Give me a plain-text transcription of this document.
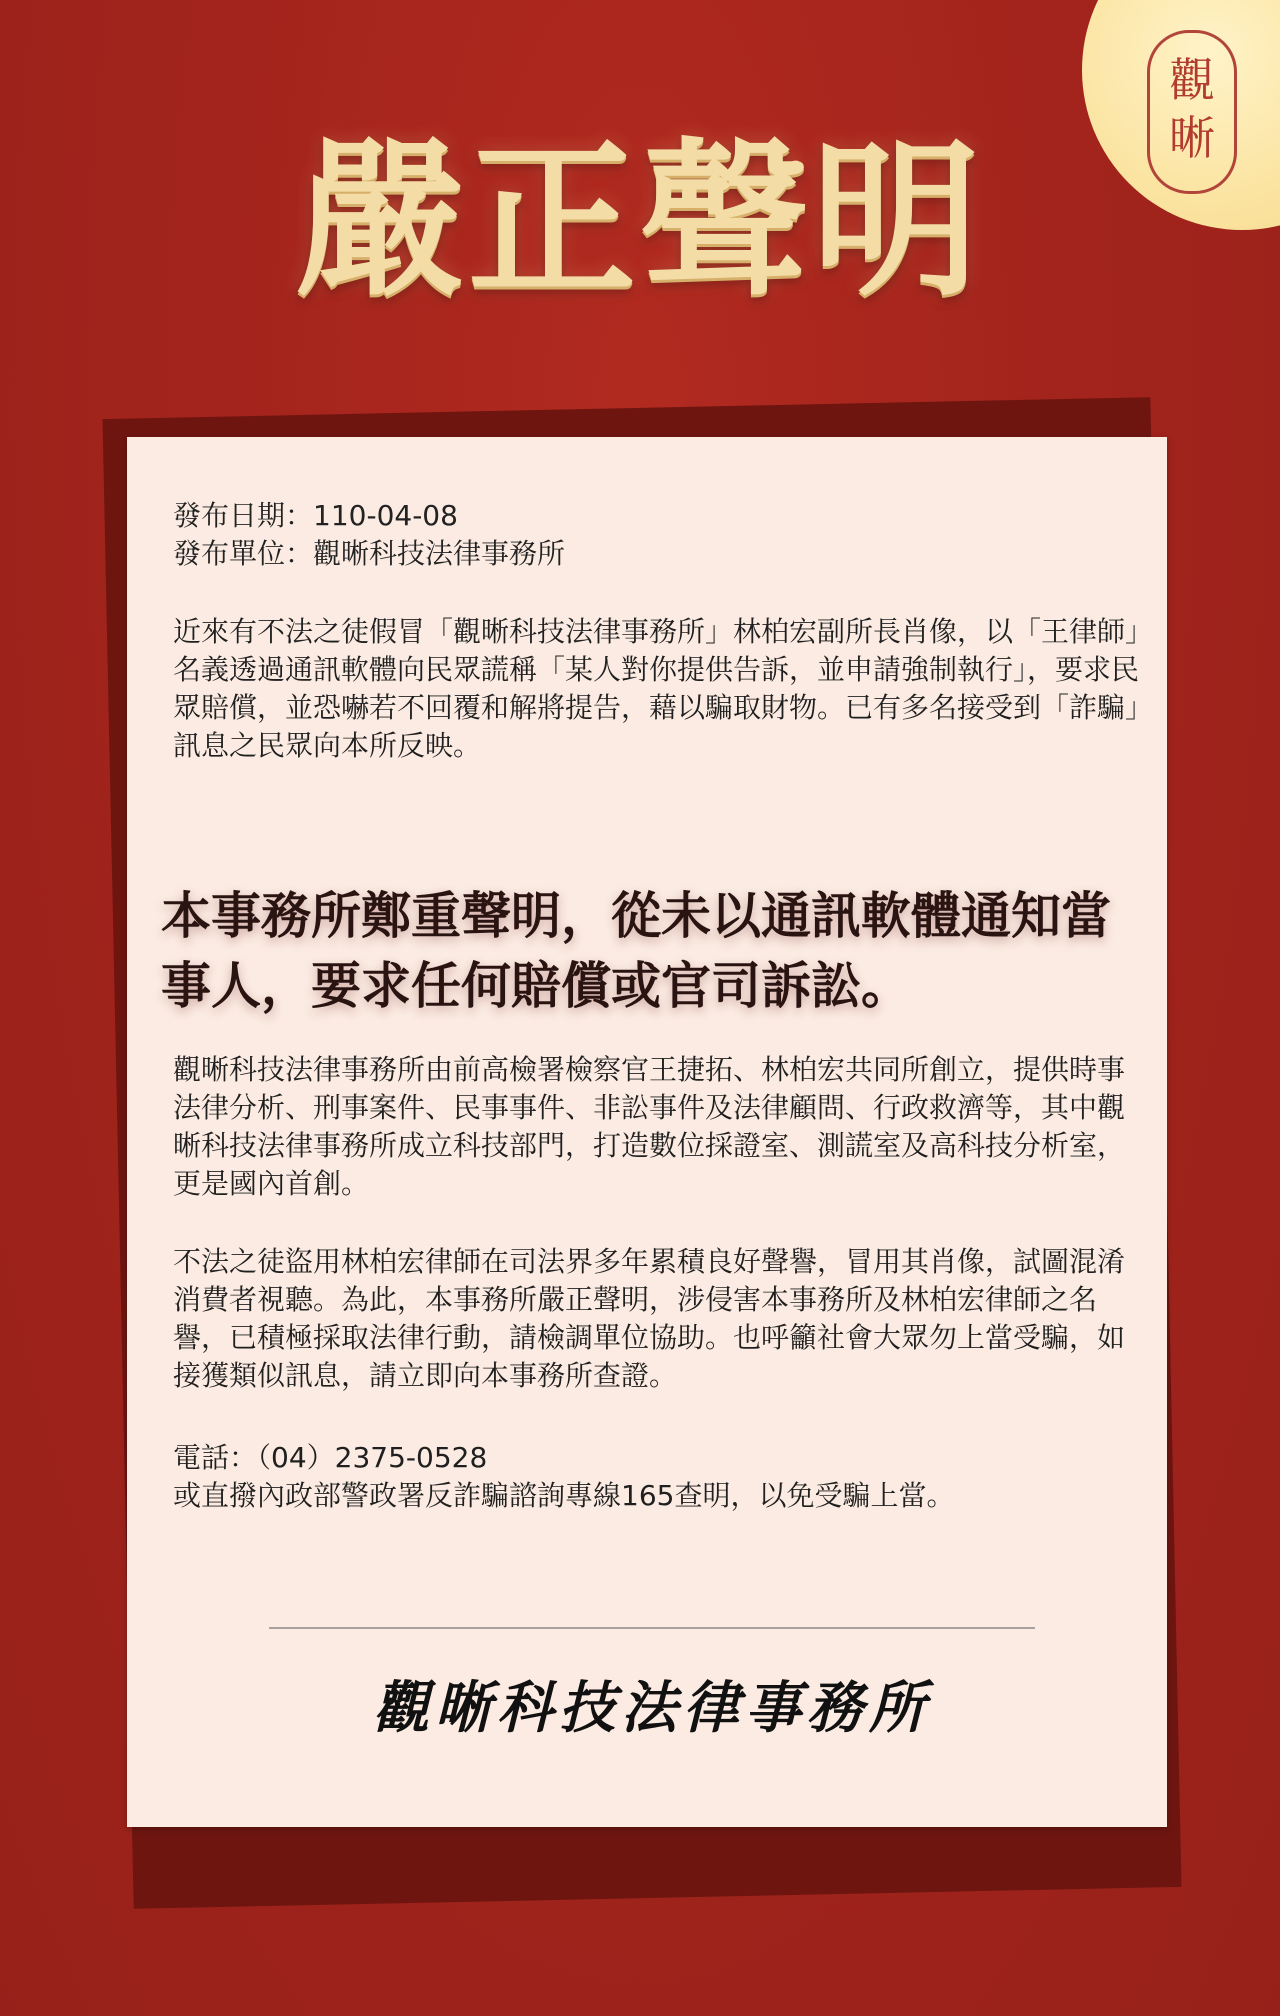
觀
晰
嚴正聲明
發布日期：110-04-08
發布單位：觀晰科技法律事務所

近來有不法之徒假冒「觀晰科技法律事務所」林柏宏副所長肖像，以「王律師」名義透過通訊軟體向民眾謊稱「某人對你提供告訴，並申請強制執行」，要求民眾賠償，並恐嚇若不回覆和解將提告，藉以騙取財物。已有多名接受到「詐騙」訊息之民眾向本所反映。

本事務所鄭重聲明，從未以通訊軟體通知當事人，要求任何賠償或官司訴訟。

觀晰科技法律事務所由前高檢署檢察官王捷拓、林柏宏共同所創立，提供時事法律分析、刑事案件、民事事件、非訟事件及法律顧問、行政救濟等，其中觀晰科技法律事務所成立科技部門，打造數位採證室、測謊室及高科技分析室，更是國內首創。

不法之徒盜用林柏宏律師在司法界多年累積良好聲譽，冒用其肖像，試圖混淆消費者視聽。為此，本事務所嚴正聲明，涉侵害本事務所及林柏宏律師之名譽，已積極採取法律行動，請檢調單位協助。也呼籲社會大眾勿上當受騙，如接獲類似訊息，請立即向本事務所查證。

電話：（04）2375-0528
或直撥內政部警政署反詐騙諮詢專線165查明，以免受騙上當。
觀晰科技法律事務所
